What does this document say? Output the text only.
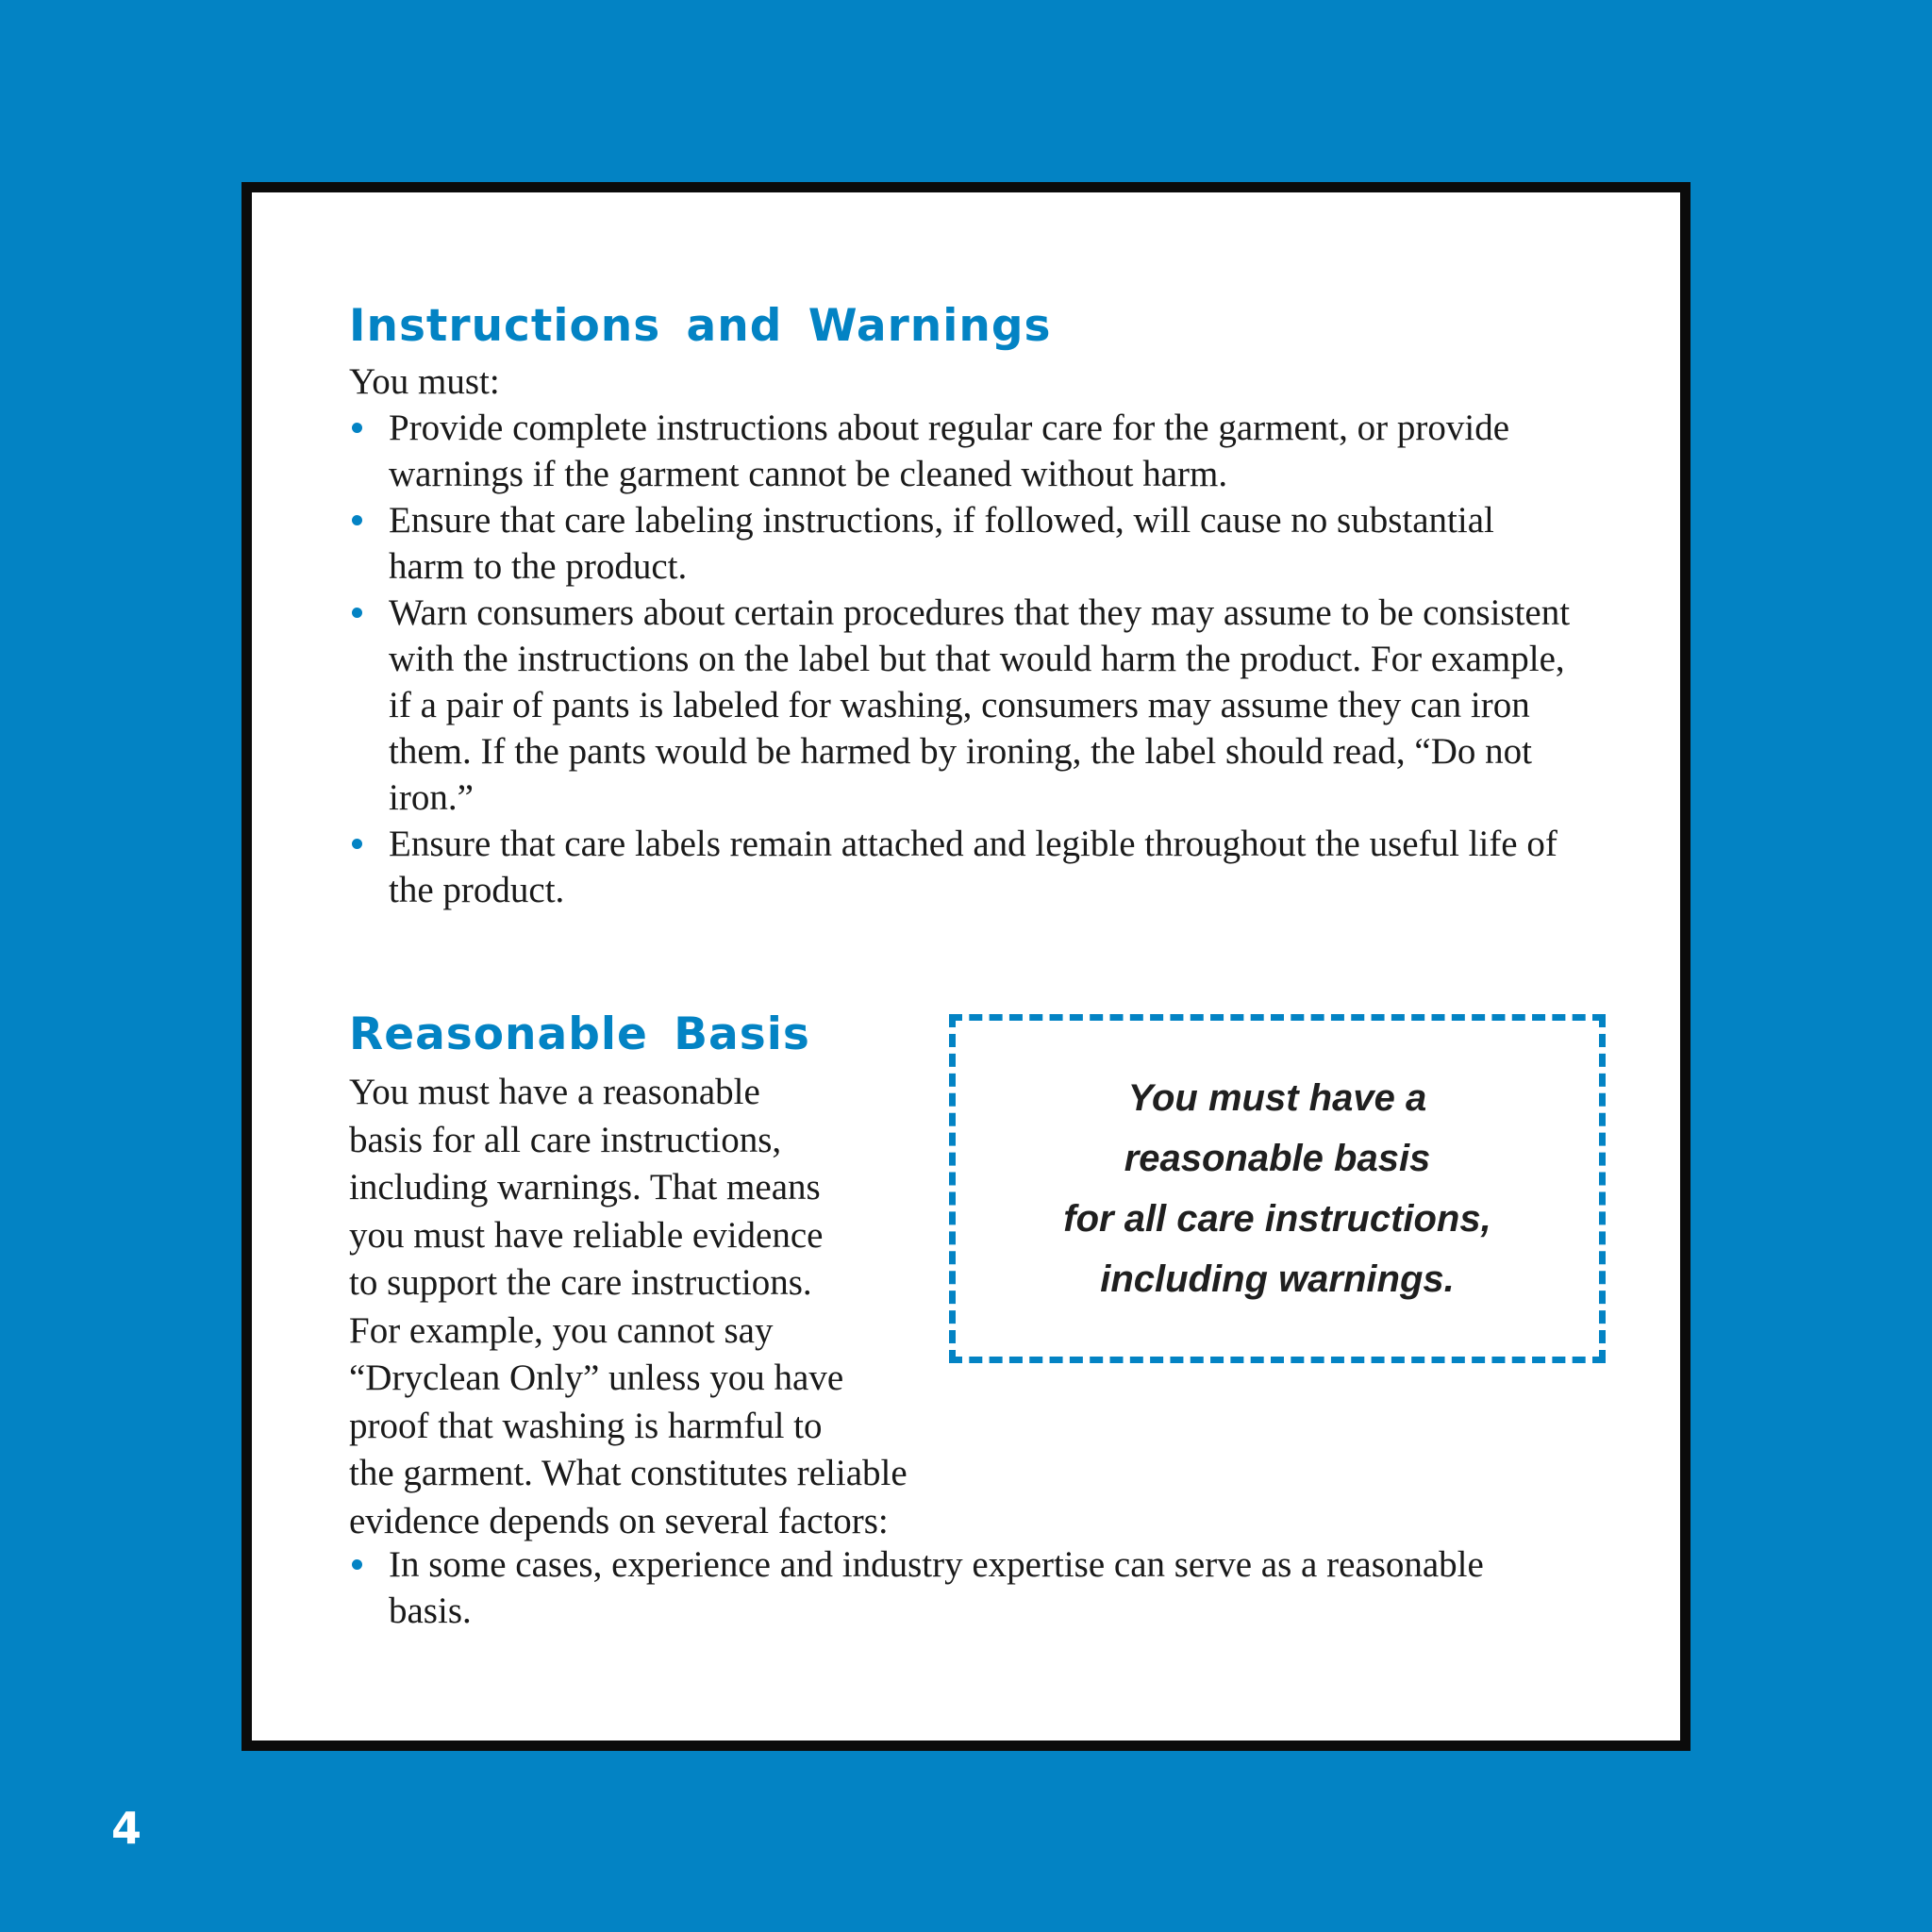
Instructions and Warnings

You must:

Provide complete instructions about regular care for the garment, or provide warnings if the garment cannot be cleaned without harm.
Ensure that care labeling instructions, if followed, will cause no substantial harm to the product.
Warn consumers about certain procedures that they may assume to be consistent with the instructions on the label but that would harm the product. For example, if a pair of pants is labeled for washing, consumers may assume they can iron them. If the pants would be harmed by ironing, the label should read, “Do not iron.”
Ensure that care labels remain attached and legible throughout the useful life of the product.
Reasonable Basis
You must have a reasonable
basis for all care instructions,
including warnings. That means
you must have reliable evidence
to support the care instructions.
For example, you cannot say
“Dryclean Only” unless you have
proof that washing is harmful to
the garment. What constitutes reliable
evidence depends on several factors:
In some cases, experience and industry expertise can serve as a reasonable basis.

You must have a
reasonable basis
for all care instructions,
including warnings.

4
